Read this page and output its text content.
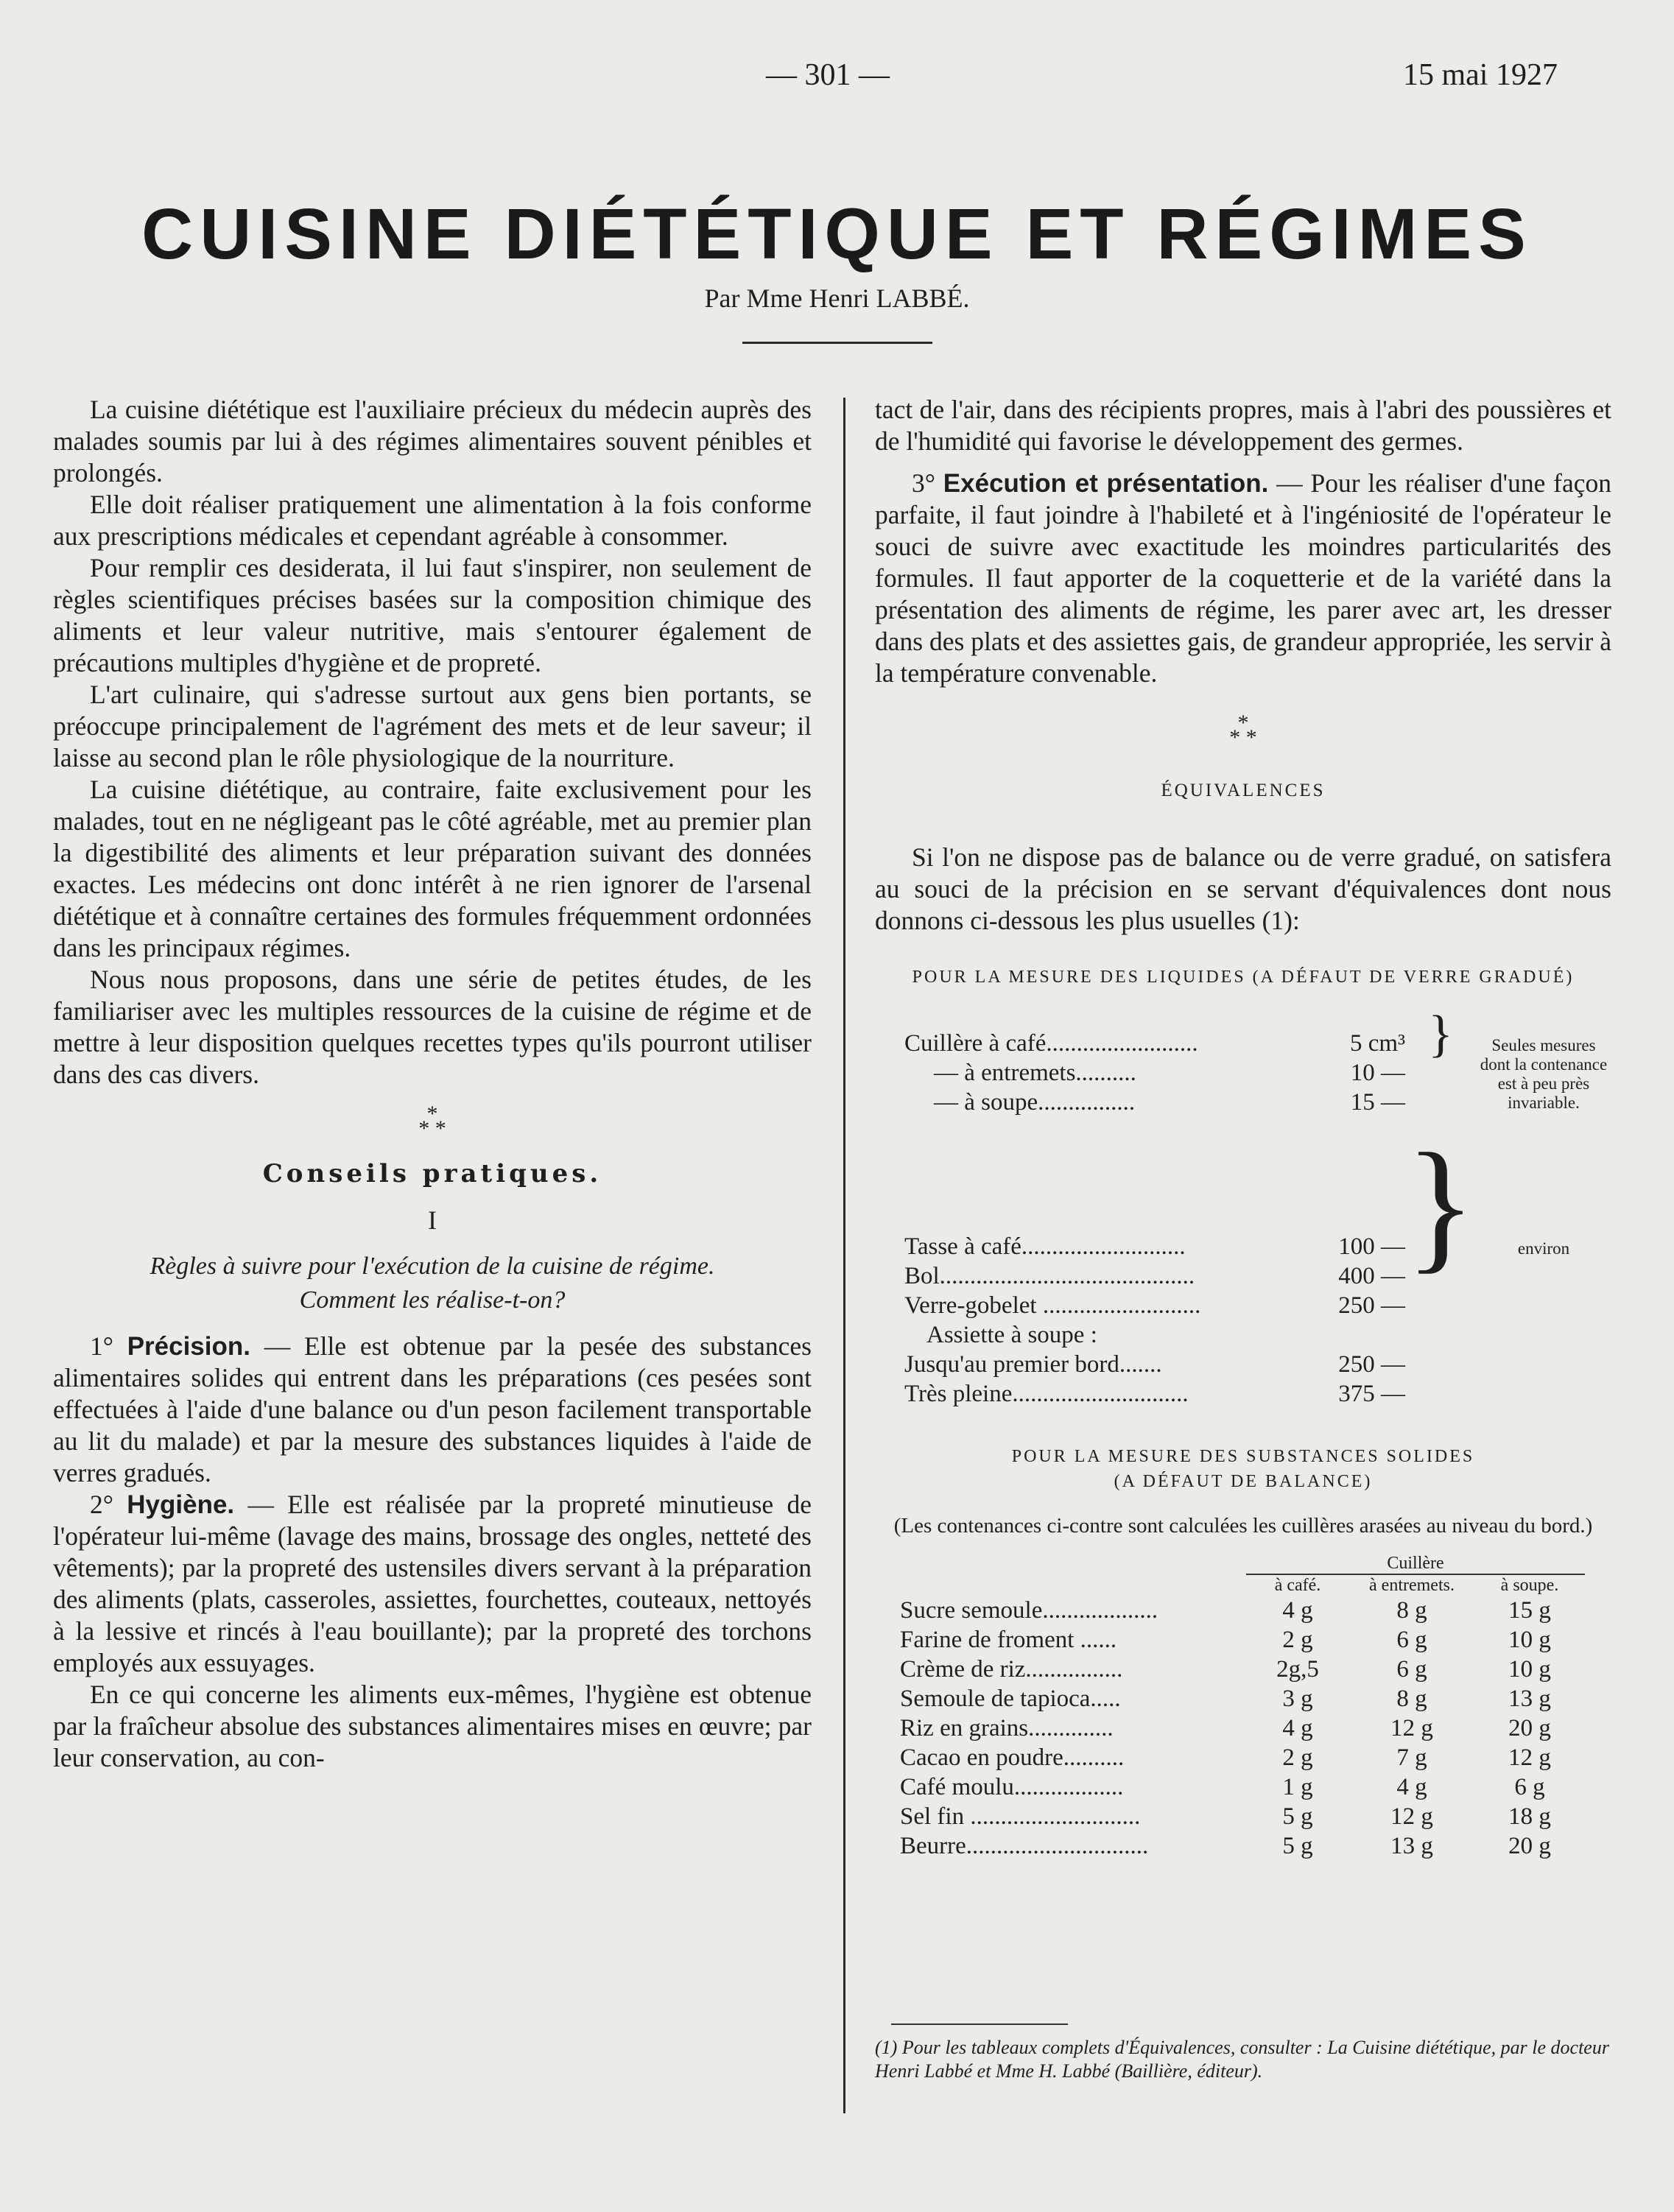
— 301 —	15 mai 1927
CUISINE DIÉTÉTIQUE ET RÉGIMES
Par Mme Henri LABBÉ.

La cuisine diététique est l'auxiliaire précieux du médecin auprès des malades soumis par lui à des régimes alimentaires souvent pénibles et prolongés.

Elle doit réaliser pratiquement une alimentation à la fois conforme aux prescriptions médicales et cependant agréable à consommer.

Pour remplir ces desiderata, il lui faut s'inspirer, non seulement de règles scientifiques précises basées sur la composition chimique des aliments et leur valeur nutritive, mais s'entourer également de précautions multiples d'hygiène et de propreté.

L'art culinaire, qui s'adresse surtout aux gens bien portants, se préoccupe principalement de l'agrément des mets et de leur saveur; il laisse au second plan le rôle physiologique de la nourriture.

La cuisine diététique, au contraire, faite exclusivement pour les malades, tout en ne négligeant pas le côté agréable, met au premier plan la digestibilité des aliments et leur préparation suivant des données exactes. Les médecins ont donc intérêt à ne rien ignorer de l'arsenal diététique et à connaître certaines des formules fréquemment ordonnées dans les principaux régimes.

Nous nous proposons, dans une série de petites études, de les familiariser avec les multiples ressources de la cuisine de régime et de mettre à leur disposition quelques recettes types qu'ils pourront utiliser dans des cas divers.

*
* *
Conseils pratiques.
I
Règles à suivre pour l'exécution de la cuisine de régime.
Comment les réalise-t-on?

1° Précision. — Elle est obtenue par la pesée des substances alimentaires solides qui entrent dans les préparations (ces pesées sont effectuées à l'aide d'une balance ou d'un peson facilement transportable au lit du malade) et par la mesure des substances liquides à l'aide de verres gradués.

2° Hygiène. — Elle est réalisée par la propreté minutieuse de l'opérateur lui-même (lavage des mains, brossage des ongles, netteté des vêtements); par la propreté des ustensiles divers servant à la préparation des aliments (plats, casseroles, assiettes, fourchettes, couteaux, nettoyés à la lessive et rincés à l'eau bouillante); par la propreté des torchons employés aux essuyages.

En ce qui concerne les aliments eux-mêmes, l'hygiène est obtenue par la fraîcheur absolue des substances alimentaires mises en œuvre; par leur conservation, au con-

tact de l'air, dans des récipients propres, mais à l'abri des poussières et de l'humidité qui favorise le développement des germes.

3° Exécution et présentation. — Pour les réaliser d'une façon parfaite, il faut joindre à l'habileté et à l'ingéniosité de l'opérateur le souci de suivre avec exactitude les moindres particularités des formules. Il faut apporter de la coquetterie et de la variété dans la présentation des aliments de régime, les parer avec art, les dresser dans des plats et des assiettes gais, de grandeur appropriée, les servir à la température convenable.

*
* *
ÉQUIVALENCES

Si l'on ne dispose pas de balance ou de verre gradué, on satisfera au souci de la précision en se servant d'équivalences dont nous donnons ci-dessous les plus usuelles (1):

POUR LA MESURE DES LIQUIDES (A DÉFAUT DE VERRE GRADUÉ)
Cuillère à café.........................	5 cm³	}	Seules mesures dont la contenance est à peu près invariable.
— à entremets..........	10 —		
— à soupe................	15 —		

Tasse à café...........................	100 —	}	environ
Bol..........................................	400 —		
Verre-gobelet ..........................	250 —		
Assiette à soupe :			
Jusqu'au premier bord.......	250 —		
Très pleine.............................	375 —		
POUR LA MESURE DES SUBSTANCES SOLIDES
(A DÉFAUT DE BALANCE)
(Les contenances ci-contre sont calculées les cuillères arasées au niveau du bord.)
	Cuillère		
	à café.	à entremets.	à soupe.
Sucre semoule...................	4 g	8 g	15 g
Farine de froment ......	2 g	6 g	10 g
Crème de riz................	2g,5	6 g	10 g
Semoule de tapioca.....	3 g	8 g	13 g
Riz en grains..............	4 g	12 g	20 g
Cacao en poudre..........	2 g	7 g	12 g
Café moulu..................	1 g	4 g	6 g
Sel fin ............................	5 g	12 g	18 g
Beurre..............................	5 g	13 g	20 g
(1) Pour les tableaux complets d'Équivalences, consulter : La Cuisine diététique, par le docteur Henri Labbé et Mme H. Labbé (Baillière, éditeur).
